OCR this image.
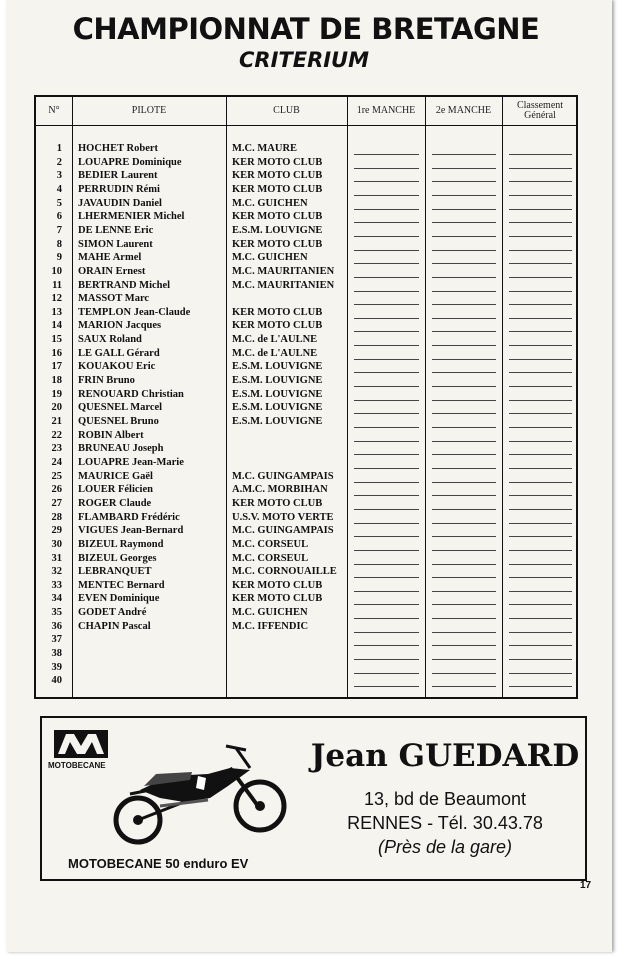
CHAMPIONNAT DE BRETAGNE
CRITERIUM
N°	PILOTE	CLUB	1re MANCHE	2e MANCHE	Classement
Général
1 HOCHET Robert	M.C. MAURE
2 LOUAPRE Dominique	KER MOTO CLUB
3 BEDIER Laurent	KER MOTO CLUB
4 PERRUDIN Rémi	KER MOTO CLUB
5 JAVAUDIN Daniel	M.C. GUICHEN
6 LHERMENIER Michel	KER MOTO CLUB
7 DE LENNE Eric	E.S.M. LOUVIGNE
8 SIMON Laurent	KER MOTO CLUB
9 MAHE Armel	M.C. GUICHEN
10 ORAIN Ernest	M.C. MAURITANIEN
11 BERTRAND Michel	M.C. MAURITANIEN
12 MASSOT Marc
13 TEMPLON Jean-Claude	KER MOTO CLUB
14 MARION Jacques	KER MOTO CLUB
15 SAUX Roland	M.C. de L'AULNE
16 LE GALL Gérard	M.C. de L'AULNE
17 KOUAKOU Eric	E.S.M. LOUVIGNE
18 FRIN Bruno	E.S.M. LOUVIGNE
19 RENOUARD Christian	E.S.M. LOUVIGNE
20 QUESNEL Marcel	E.S.M. LOUVIGNE
21 QUESNEL Bruno	E.S.M. LOUVIGNE
22 ROBIN Albert
23 BRUNEAU Joseph
24 LOUAPRE Jean-Marie
25 MAURICE Gaël	M.C. GUINGAMPAIS
26 LOUER Félicien	A.M.C. MORBIHAN
27 ROGER Claude	KER MOTO CLUB
28 FLAMBARD Frédéric	U.S.V. MOTO VERTE
29 VIGUES Jean-Bernard	M.C. GUINGAMPAIS
30 BIZEUL Raymond	M.C. CORSEUL
31 BIZEUL Georges	M.C. CORSEUL
32 LEBRANQUET	M.C. CORNOUAILLE
33 MENTEC Bernard	KER MOTO CLUB
34 EVEN Dominique	KER MOTO CLUB
35 GODET André	M.C. GUICHEN
36 CHAPIN Pascal	M.C. IFFENDIC
37
38
39
40
MOTOBECANE
MOTOBECANE 50 enduro EV
Jean GUEDARD
13, bd de Beaumont
RENNES - Tél. 30.43.78
(Près de la gare)
17
